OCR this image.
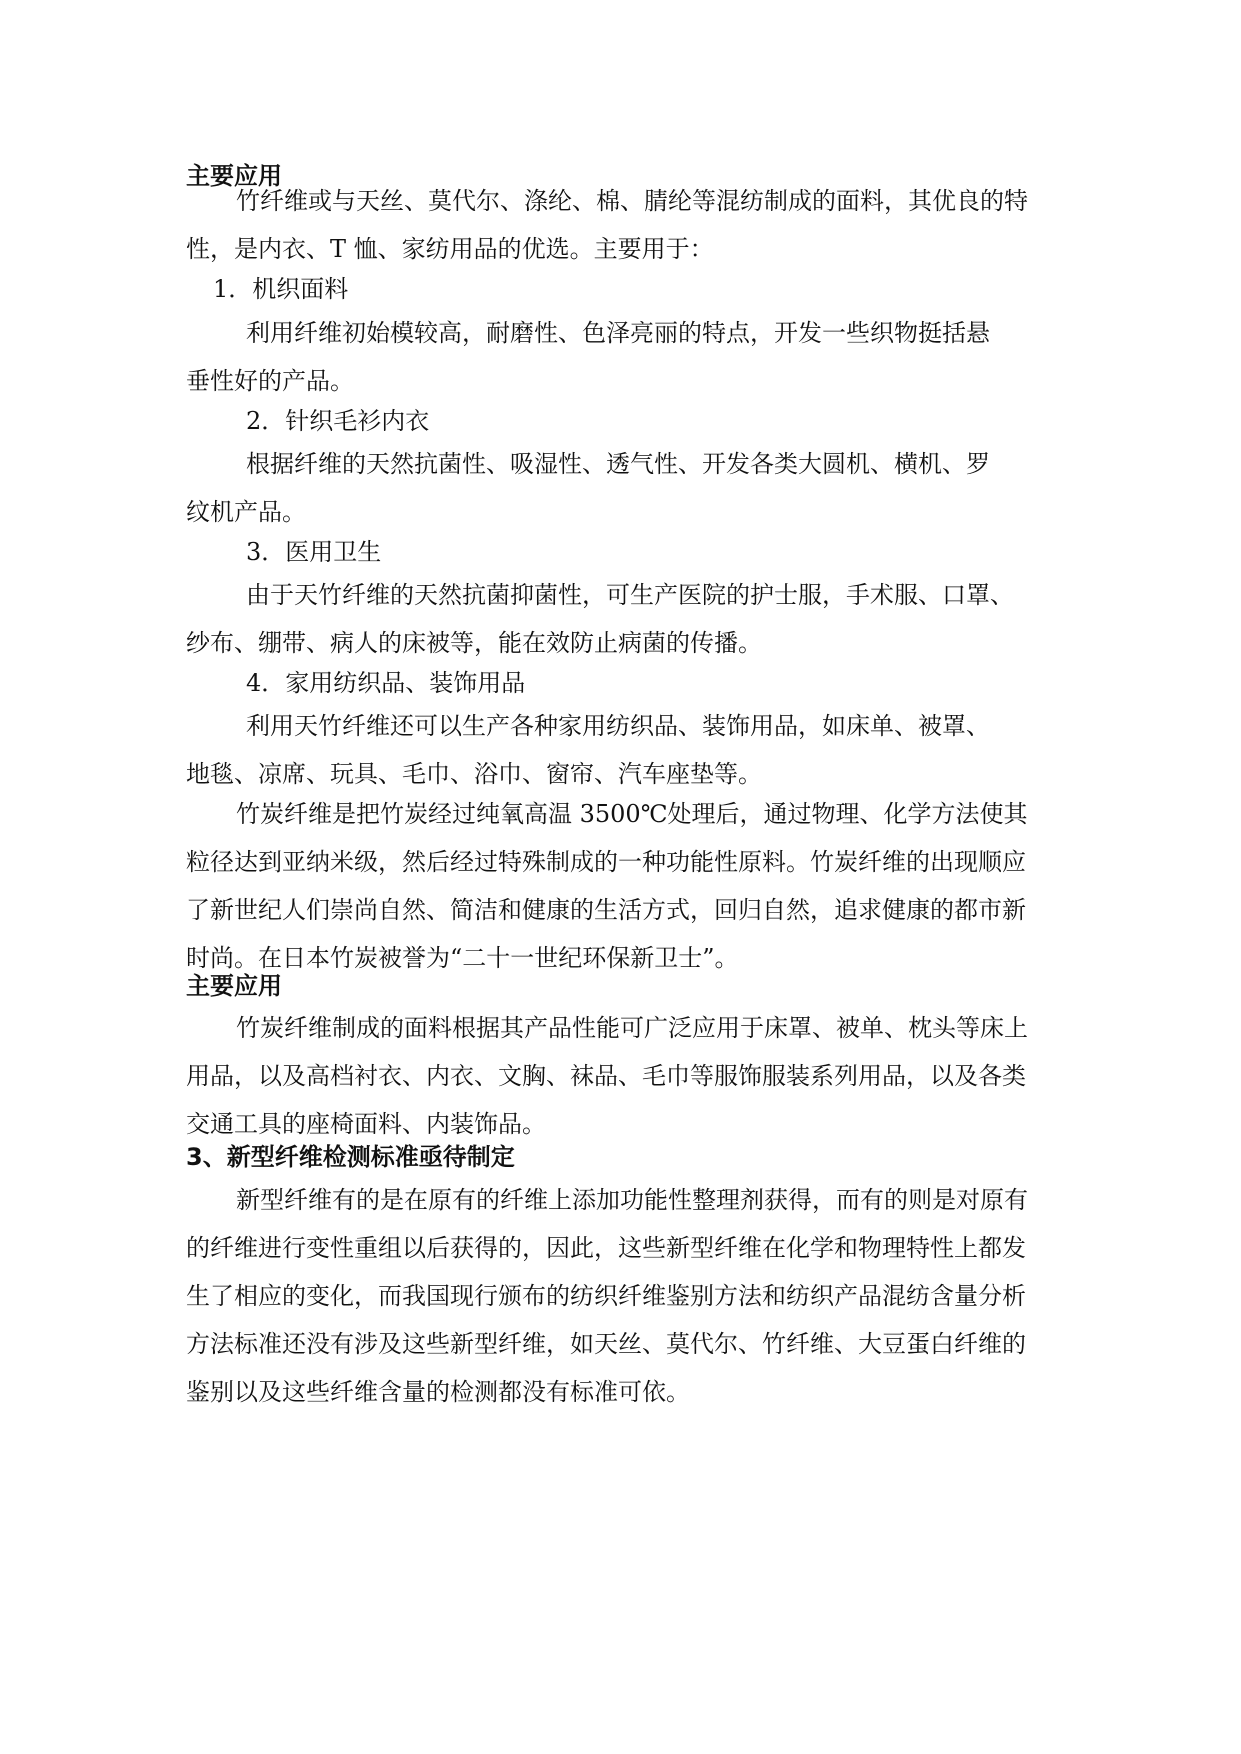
主要应用
竹纤维或与天丝、莫代尔、涤纶、棉、腈纶等混纺制成的面料，其优良的特
性，是内衣、T 恤、家纺用品的优选。主要用于：
1．机织面料
利用纤维初始模较高，耐磨性、色泽亮丽的特点，开发一些织物挺括悬
垂性好的产品。
2．针织毛衫内衣
根据纤维的天然抗菌性、吸湿性、透气性、开发各类大圆机、横机、罗
纹机产品。
3．医用卫生
由于天竹纤维的天然抗菌抑菌性，可生产医院的护士服，手术服、口罩、
纱布、绷带、病人的床被等，能在效防止病菌的传播。
4．家用纺织品、装饰用品
利用天竹纤维还可以生产各种家用纺织品、装饰用品，如床单、被罩、
地毯、凉席、玩具、毛巾、浴巾、窗帘、汽车座垫等。
竹炭纤维是把竹炭经过纯氧高温 3500℃处理后，通过物理、化学方法使其
粒径达到亚纳米级，然后经过特殊制成的一种功能性原料。竹炭纤维的出现顺应
了新世纪人们崇尚自然、简洁和健康的生活方式，回归自然，追求健康的都市新
时尚。在日本竹炭被誉为“二十一世纪环保新卫士”。
主要应用
竹炭纤维制成的面料根据其产品性能可广泛应用于床罩、被单、枕头等床上
用品，以及高档衬衣、内衣、文胸、袜品、毛巾等服饰服装系列用品，以及各类
交通工具的座椅面料、内装饰品。
3、新型纤维检测标准亟待制定
新型纤维有的是在原有的纤维上添加功能性整理剂获得，而有的则是对原有
的纤维进行变性重组以后获得的，因此，这些新型纤维在化学和物理特性上都发
生了相应的变化，而我国现行颁布的纺织纤维鉴别方法和纺织产品混纺含量分析
方法标准还没有涉及这些新型纤维，如天丝、莫代尔、竹纤维、大豆蛋白纤维的
鉴别以及这些纤维含量的检测都没有标准可依。
